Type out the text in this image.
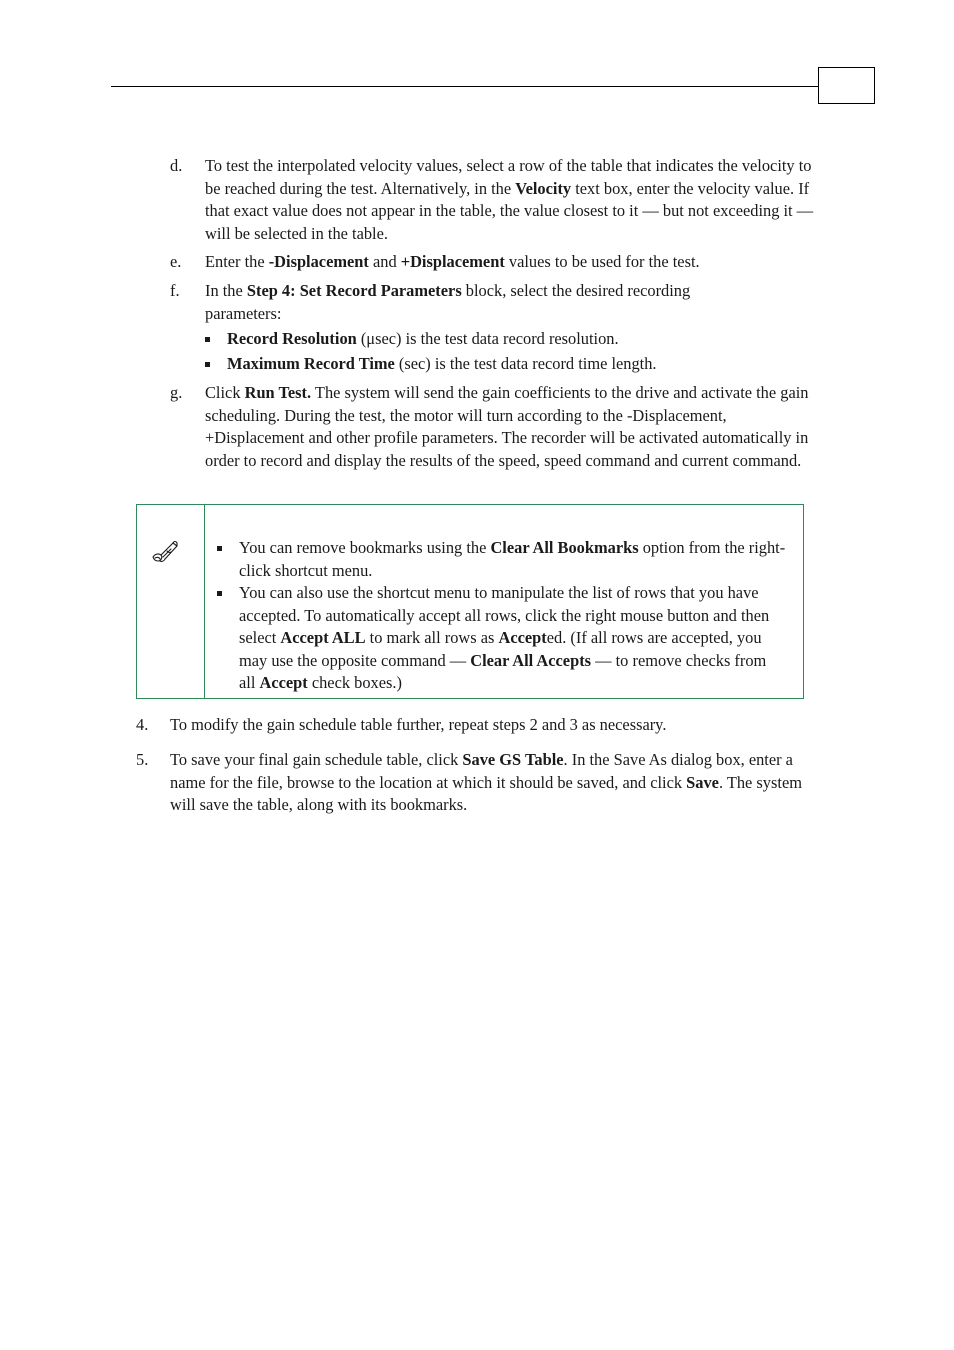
d. To test the interpolated velocity values, select a row of the table that indicates the velocity to be reached during the test. Alternatively, in the Velocity text box, enter the velocity value. If that exact value does not appear in the table, the value closest to it — but not exceeding it — will be selected in the table.
e. Enter the -Displacement and +Displacement values to be used for the test.
f. In the Step 4: Set Record Parameters block, select the desired recording parameters:
Record Resolution (μsec) is the test data record resolution.
Maximum Record Time (sec) is the test data record time length.
g. Click Run Test. The system will send the gain coefficients to the drive and activate the gain scheduling. During the test, the motor will turn according to the -Displacement, +Displacement and other profile parameters. The recorder will be activated automatically in order to record and display the results of the speed, speed command and current command.
You can remove bookmarks using the Clear All Bookmarks option from the right-click shortcut menu.
You can also use the shortcut menu to manipulate the list of rows that you have accepted. To automatically accept all rows, click the right mouse button and then select Accept ALL to mark all rows as Accepted. (If all rows are accepted, you may use the opposite command — Clear All Accepts — to remove checks from all Accept check boxes.)
4. To modify the gain schedule table further, repeat steps 2 and 3 as necessary.
5. To save your final gain schedule table, click Save GS Table. In the Save As dialog box, enter a name for the file, browse to the location at which it should be saved, and click Save. The system will save the table, along with its bookmarks.
